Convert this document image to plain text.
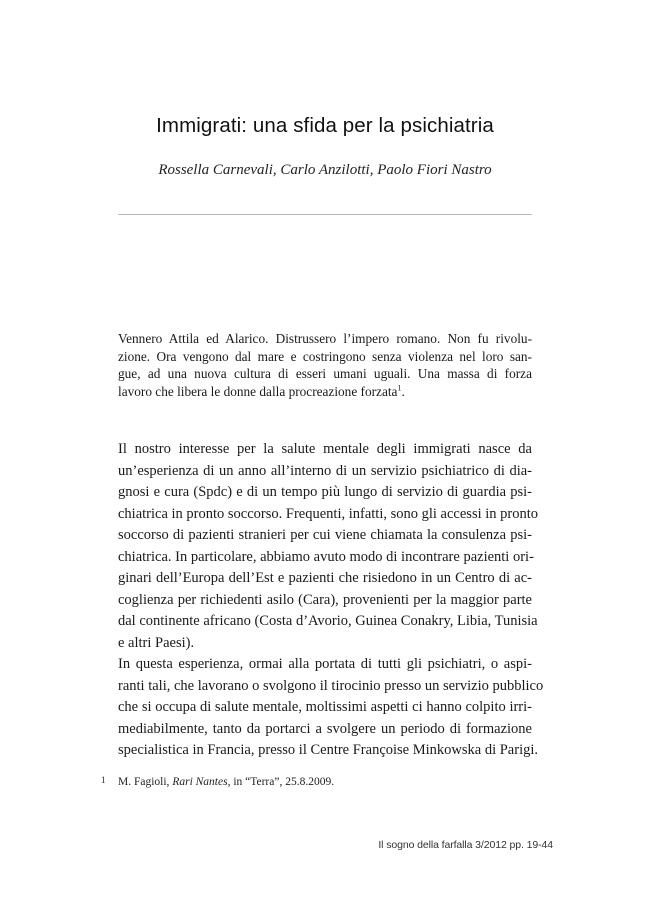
Immigrati: una sfida per la psichiatria
Rossella Carnevali, Carlo Anzilotti, Paolo Fiori Nastro
Vennero Attila ed Alarico. Distrussero l’impero romano. Non fu rivolu-
zione. Ora vengono dal mare e costringono senza violenza nel loro san-
gue, ad una nuova cultura di esseri umani uguali. Una massa di forza
lavoro che libera le donne dalla procreazione forzata$^1$.
Il nostro interesse per la salute mentale degli immigrati nasce da
un’esperienza di un anno all’interno di un servizio psichiatrico di dia-
gnosi e cura (Spdc) e di un tempo più lungo di servizio di guardia psi-
chiatrica in pronto soccorso. Frequenti, infatti, sono gli accessi in pronto
soccorso di pazienti stranieri per cui viene chiamata la consulenza psi-
chiatrica. In particolare, abbiamo avuto modo di incontrare pazienti ori-
ginari dell’Europa dell’Est e pazienti che risiedono in un Centro di ac-
coglienza per richiedenti asilo (Cara), provenienti per la maggior parte
dal continente africano (Costa d’Avorio, Guinea Conakry, Libia, Tunisia
e altri Paesi).
In questa esperienza, ormai alla portata di tutti gli psichiatri, o aspi-
ranti tali, che lavorano o svolgono il tirocinio presso un servizio pubblico
che si occupa di salute mentale, moltissimi aspetti ci hanno colpito irri-
mediabilmente, tanto da portarci a svolgere un periodo di formazione
specialistica in Francia, presso il Centre Françoise Minkowska di Parigi.
1 M. Fagioli, Rari Nantes, in “Terra”, 25.8.2009.
Il sogno della farfalla 3/2012 pp. 19-44
